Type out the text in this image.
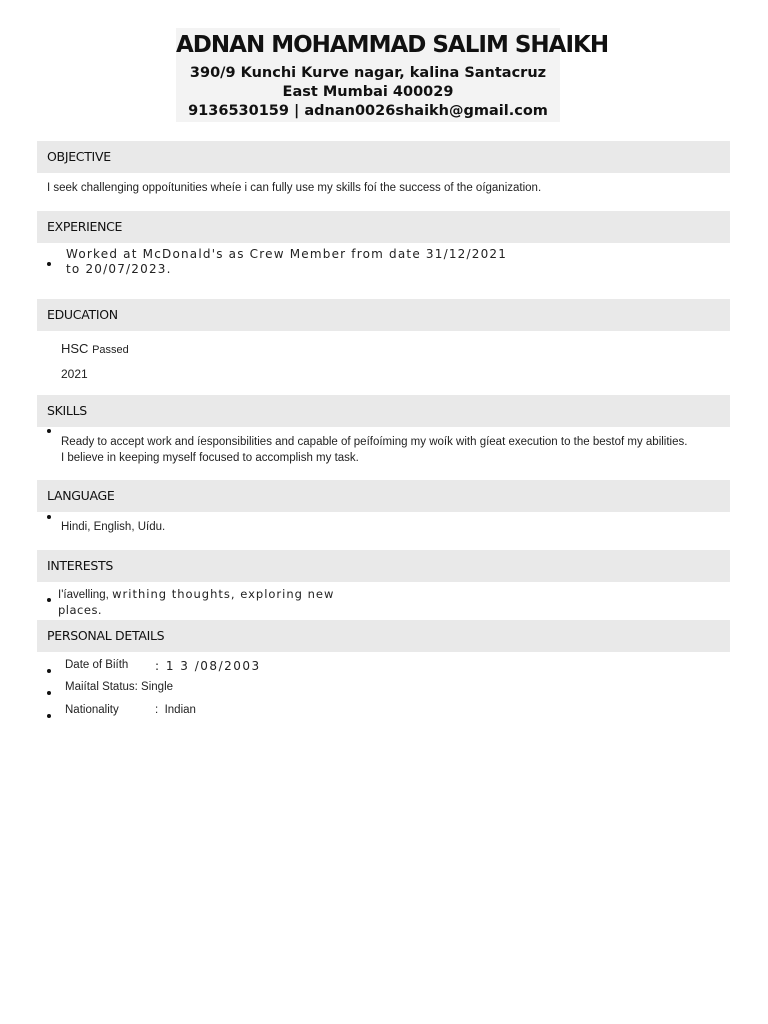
ADNAN MOHAMMAD SALIM SHAIKH
390/9 Kunchi Kurve nagar, kalina Santacruz
East Mumbai 400029
9136530159 | adnan0026shaikh@gmail.com
OBJECTIVE
I seek challenging oppoítunities wheíe i can fully use my skills foí the success of the oíganization.
EXPERIENCE
Worked at McDonald's as Crew Member from date 31/12/2021
to 20/07/2023.
EDUCATION
HSC Passed
2021
SKILLS
Ready to accept work and íesponsibilities and capable of peífoíming my woík with gíeat execution to the bestof my abilities.
I believe in keeping myself focused to accomplish my task.
LANGUAGE
Hindi, English, Uídu.
INTERESTS
I'íavelling, writhing thoughts, exploring new
places.
PERSONAL DETAILS
Date of Biíth : 1 3 /08/2003
Maiítal Status: Single
Nationality	:  Indian
